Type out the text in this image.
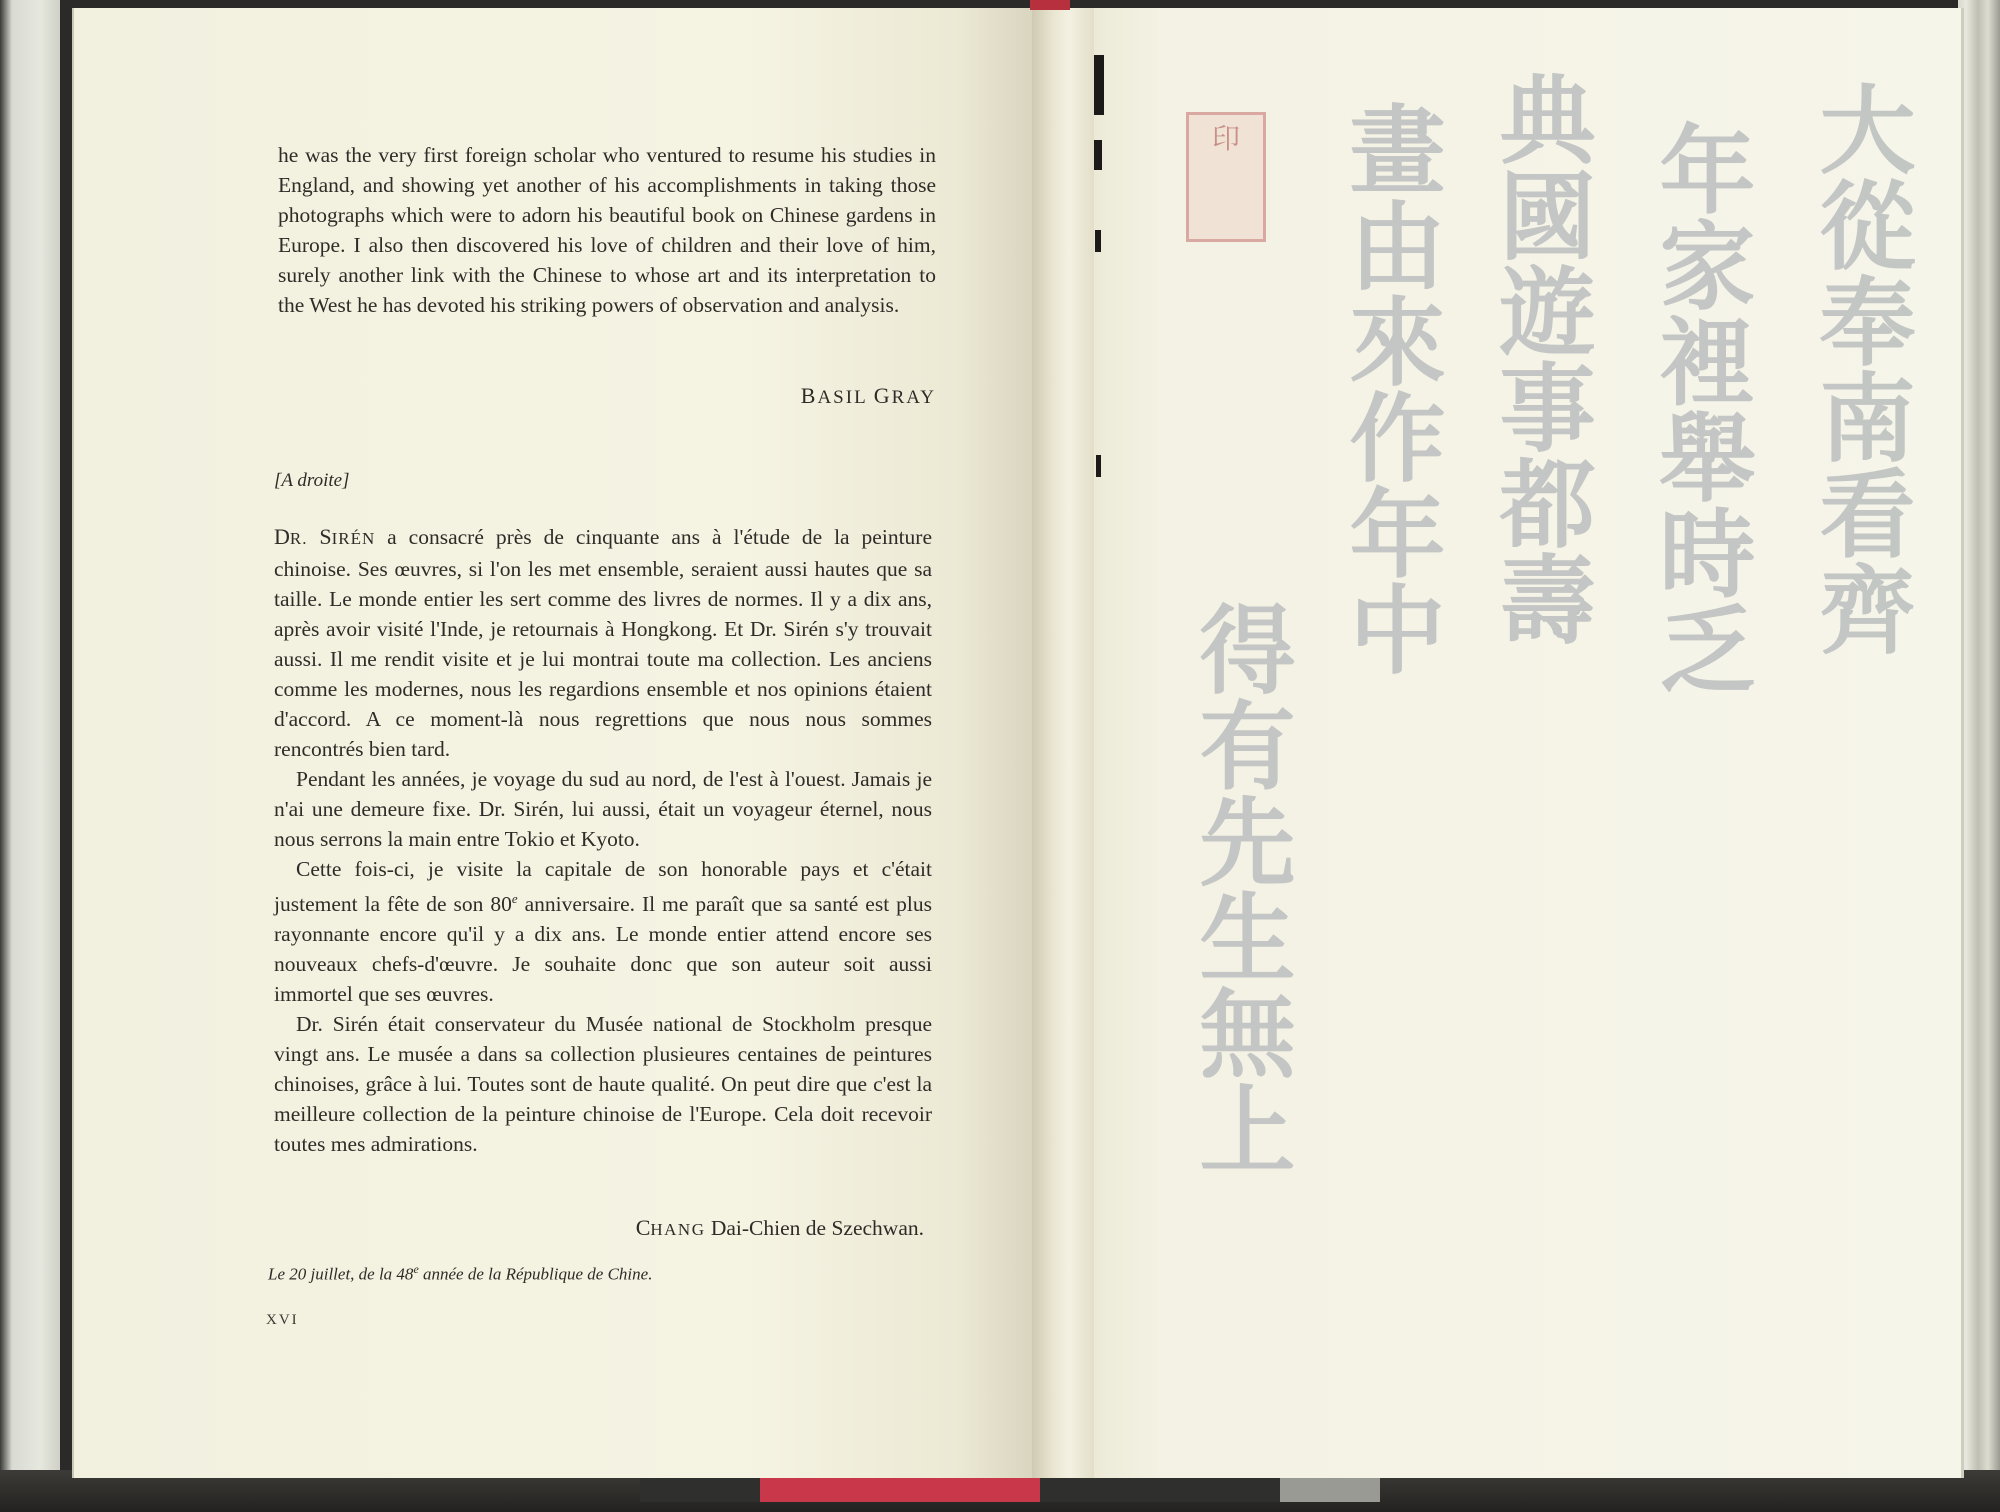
he was the very first foreign scholar who ventured to resume his studies in England, and showing yet another of his accomplishments in taking those photographs which were to adorn his beautiful book on Chinese gardens in Europe. I also then discovered his love of children and their love of him, surely another link with the Chinese to whose art and its interpretation to the West he has devoted his striking powers of observation and analysis.

BASIL GRAY
[A droite]

DR. SIRÉN a consacré près de cinquante ans à l'étude de la peinture chinoise. Ses œuvres, si l'on les met ensemble, seraient aussi hautes que sa taille. Le monde entier les sert comme des livres de normes. Il y a dix ans, après avoir visité l'Inde, je retournais à Hongkong. Et Dr. Sirén s'y trouvait aussi. Il me rendit visite et je lui montrai toute ma collection. Les anciens comme les modernes, nous les regardions ensemble et nos opinions étaient d'accord. A ce moment-là nous regrettions que nous nous sommes rencontrés bien tard.

Pendant les années, je voyage du sud au nord, de l'est à l'ouest. Jamais je n'ai une demeure fixe. Dr. Sirén, lui aussi, était un voyageur éternel, nous nous serrons la main entre Tokio et Kyoto.

Cette fois-ci, je visite la capitale de son honorable pays et c'était justement la fête de son 80e anniversaire. Il me paraît que sa santé est plus rayonnante encore qu'il y a dix ans. Le monde entier attend encore ses nouveaux chefs-d'œuvre. Je souhaite donc que son auteur soit aussi immortel que ses œuvres.

Dr. Sirén était conservateur du Musée national de Stockholm presque vingt ans. Le musée a dans sa collection plusieures centaines de peintures chinoises, grâce à lui. Toutes sont de haute qualité. On peut dire que c'est la meilleure collection de la peinture chinoise de l'Europe. Cela doit recevoir toutes mes admirations.

CHANG Dai-Chien de Szechwan.
Le 20 juillet, de la 48e année de la République de Chine.
XVI
印	大從奉南看齊
年家裡舉時乏
典國遊事都壽
畫由來作年中
得有先生無上
